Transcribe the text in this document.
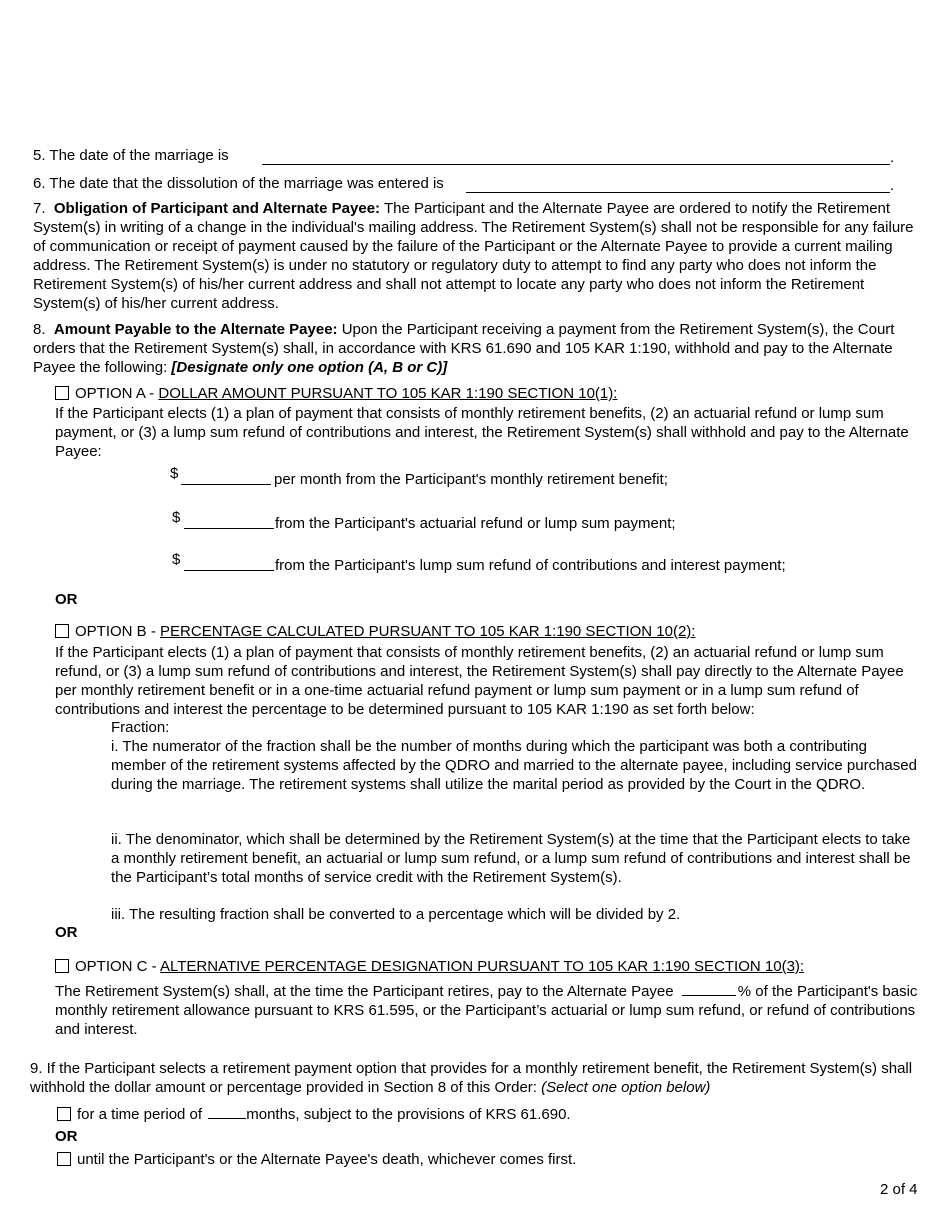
5. The date of the marriage is	.
6. The date that the dissolution of the marriage was entered is	.
7. Obligation of Participant and Alternate Payee: The Participant and the Alternate Payee are ordered to notify the Retirement System(s) in writing of a change in the individual's mailing address. The Retirement System(s) shall not be responsible for any failure of communication or receipt of payment caused by the failure of the Participant or the Alternate Payee to provide a current mailing address. The Retirement System(s) is under no statutory or regulatory duty to attempt to find any party who does not inform the Retirement System(s) of his/her current address and shall not attempt to locate any party who does not inform the Retirement System(s) of his/her current address.
8. Amount Payable to the Alternate Payee: Upon the Participant receiving a payment from the Retirement System(s), the Court orders that the Retirement System(s) shall, in accordance with KRS 61.690 and 105 KAR 1:190, withhold and pay to the Alternate Payee the following: [Designate only one option (A, B or C)]
OPTION A - DOLLAR AMOUNT PURSUANT TO 105 KAR 1:190 SECTION 10(1):
If the Participant elects (1) a plan of payment that consists of monthly retirement benefits, (2) an actuarial refund or lump sum payment, or (3) a lump sum refund of contributions and interest, the Retirement System(s) shall withhold and pay to the Alternate Payee:
$	per month from the Participant's monthly retirement benefit;
$	from the Participant's actuarial refund or lump sum payment;
$	from the Participant's lump sum refund of contributions and interest payment;
OR
OPTION B - PERCENTAGE CALCULATED PURSUANT TO 105 KAR 1:190 SECTION 10(2):
If the Participant elects (1) a plan of payment that consists of monthly retirement benefits, (2) an actuarial refund or lump sum refund, or (3) a lump sum refund of contributions and interest, the Retirement System(s) shall pay directly to the Alternate Payee per monthly retirement benefit or in a one-time actuarial refund payment or lump sum payment or in a lump sum refund of contributions and interest the percentage to be determined pursuant to 105 KAR 1:190 as set forth below:
Fraction:
i. The numerator of the fraction shall be the number of months during which the participant was both a contributing member of the retirement systems affected by the QDRO and married to the alternate payee, including service purchased during the marriage. The retirement systems shall utilize the marital period as provided by the Court in the QDRO.
ii. The denominator, which shall be determined by the Retirement System(s) at the time that the Participant elects to take a monthly retirement benefit, an actuarial or lump sum refund, or a lump sum refund of contributions and interest shall be the Participant’s total months of service credit with the Retirement System(s).
iii. The resulting fraction shall be converted to a percentage which will be divided by 2.
OR
OPTION C - ALTERNATIVE PERCENTAGE DESIGNATION PURSUANT TO 105 KAR 1:190 SECTION 10(3):
The Retirement System(s) shall, at the time the Participant retires, pay to the Alternate Payee	% of the Participant's basic monthly retirement allowance pursuant to KRS 61.595, or the Participant’s actuarial or lump sum refund, or refund of contributions and interest.
9. If the Participant selects a retirement payment option that provides for a monthly retirement benefit, the Retirement System(s) shall withhold the dollar amount or percentage provided in Section 8 of this Order: (Select one option below)
for a time period of	months, subject to the provisions of KRS 61.690.
OR
until the Participant's or the Alternate Payee's death, whichever comes first.
2 of 4
